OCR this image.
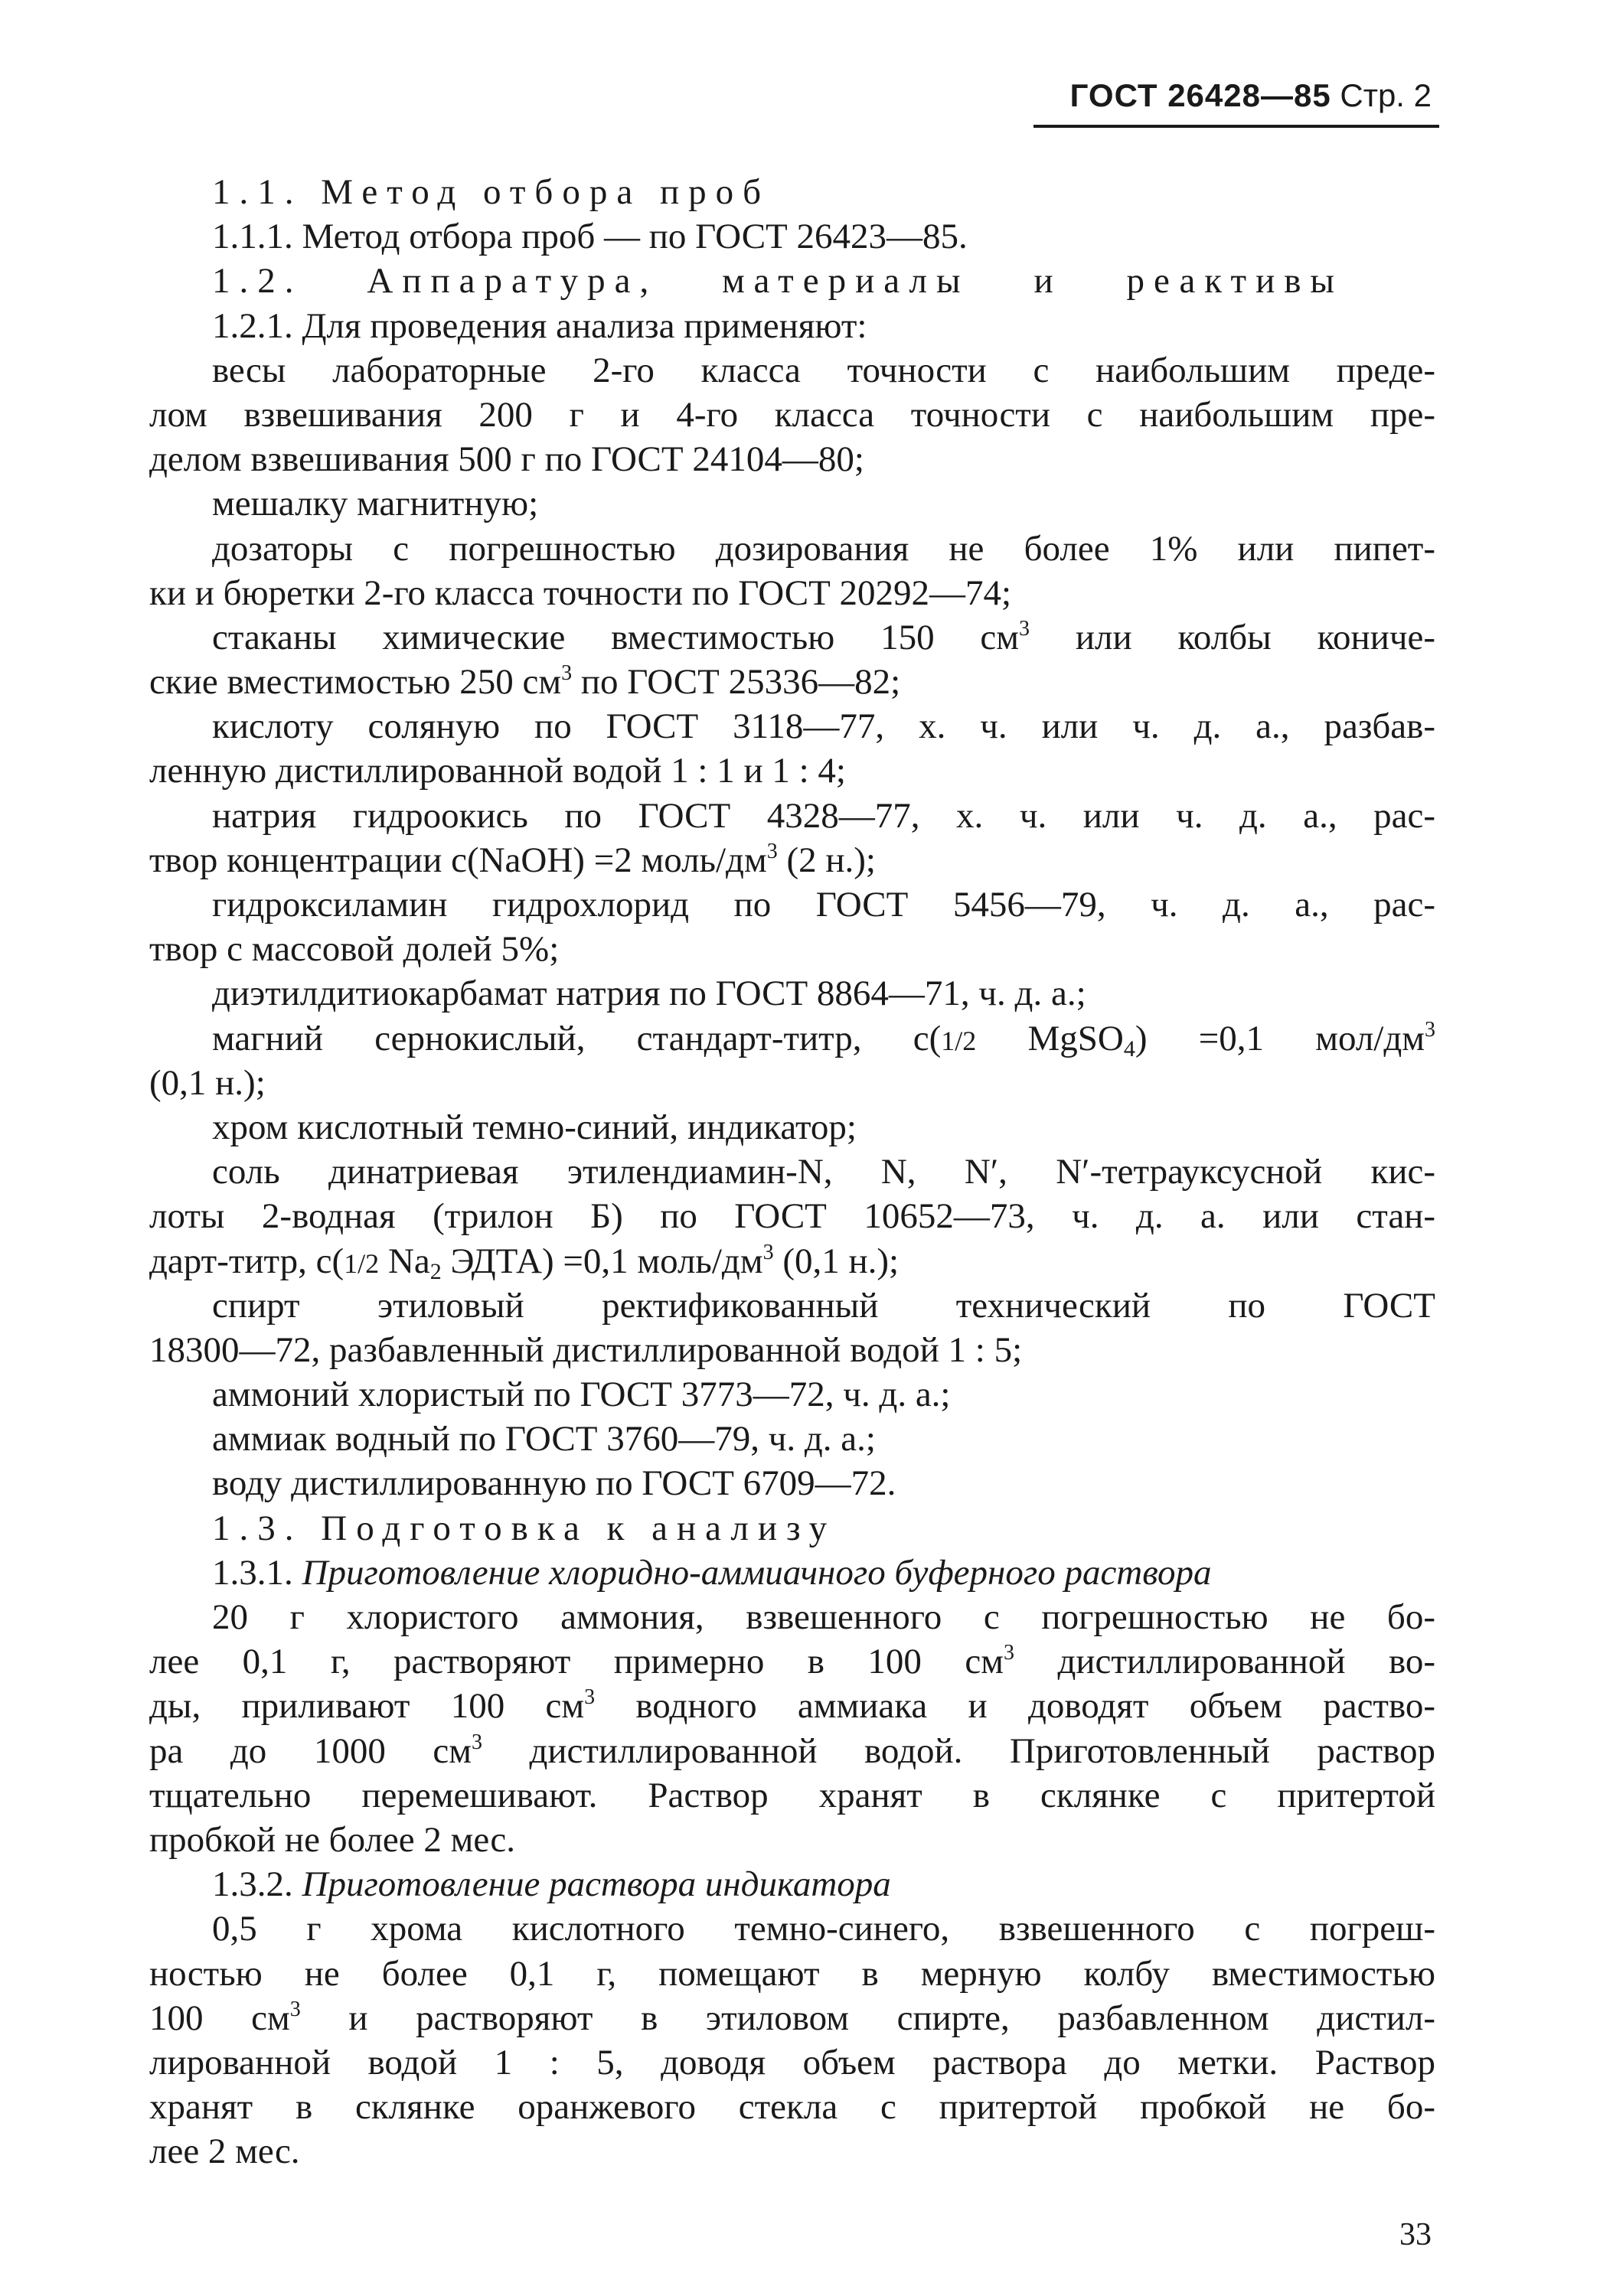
ГОСТ 26428—85 Стр. 2
1.1. Метод отбора проб
1.1.1. Метод отбора проб — по ГОСТ 26423—85.
1.2. Аппаратура, материалы и реактивы
1.2.1. Для проведения анализа применяют:
весы лабораторные 2-го класса точности с наибольшим преде-
лом взвешивания 200 г и 4-го класса точности с наибольшим пре-
делом взвешивания 500 г по ГОСТ 24104—80;
мешалку магнитную;
дозаторы с погрешностью дозирования не более 1% или пипет-
ки и бюретки 2-го класса точности по ГОСТ 20292—74;
стаканы химические вместимостью 150 $см^3$ или колбы кониче-
ские вместимостью 250 $см^3$ по ГОСТ 25336—82;
кислоту соляную по ГОСТ 3118—77, х. ч. или ч. д. а., разбав-
ленную дистиллированной водой 1 : 1 и 1 : 4;
натрия гидроокись по ГОСТ 4328—77, х. ч. или ч. д. а., рас-
твор концентрации c(NaOH) =2 моль/$дм^3$ (2 н.);
гидроксиламин гидрохлорид по ГОСТ 5456—79, ч. д. а., рас-
твор с массовой долей 5%;
диэтилдитиокарбамат натрия по ГОСТ 8864—71, ч. д. а.;
магний сернокислый, стандарт-титр, c(1/2 MgSO$_4$) =0,1 мол/$дм^3$
(0,1 н.);
хром кислотный темно-синий, индикатор;
соль динатриевая этилендиамин-N, N, N′, N′-тетрауксусной кис-
лоты 2-водная (трилон Б) по ГОСТ 10652—73, ч. д. а. или стан-
дарт-титр, c(1/2 $Na_2$ ЭДТА) =0,1 моль/$дм^3$ (0,1 н.);
спирт этиловый ректификованный технический по ГОСТ
18300—72, разбавленный дистиллированной водой 1 : 5;
аммоний хлористый по ГОСТ 3773—72, ч. д. а.;
аммиак водный по ГОСТ 3760—79, ч. д. а.;
воду дистиллированную по ГОСТ 6709—72.
1.3. Подготовка к анализу
1.3.1. Приготовление хлоридно-аммиачного буферного раствора
20 г хлористого аммония, взвешенного с погрешностью не бо-
лее 0,1 г, растворяют примерно в 100 $см^3$ дистиллированной во-
ды, приливают 100 $см^3$ водного аммиака и доводят объем раство-
ра до 1000 $см^3$ дистиллированной водой. Приготовленный раствор
тщательно перемешивают. Раствор хранят в склянке с притертой
пробкой не более 2 мес.
1.3.2. Приготовление раствора индикатора
0,5 г хрома кислотного темно-синего, взвешенного с погреш-
ностью не более 0,1 г, помещают в мерную колбу вместимостью
100 $см^3$ и растворяют в этиловом спирте, разбавленном дистил-
лированной водой 1 : 5, доводя объем раствора до метки. Раствор
хранят в склянке оранжевого стекла с притертой пробкой не бо-
лее 2 мес.
33
